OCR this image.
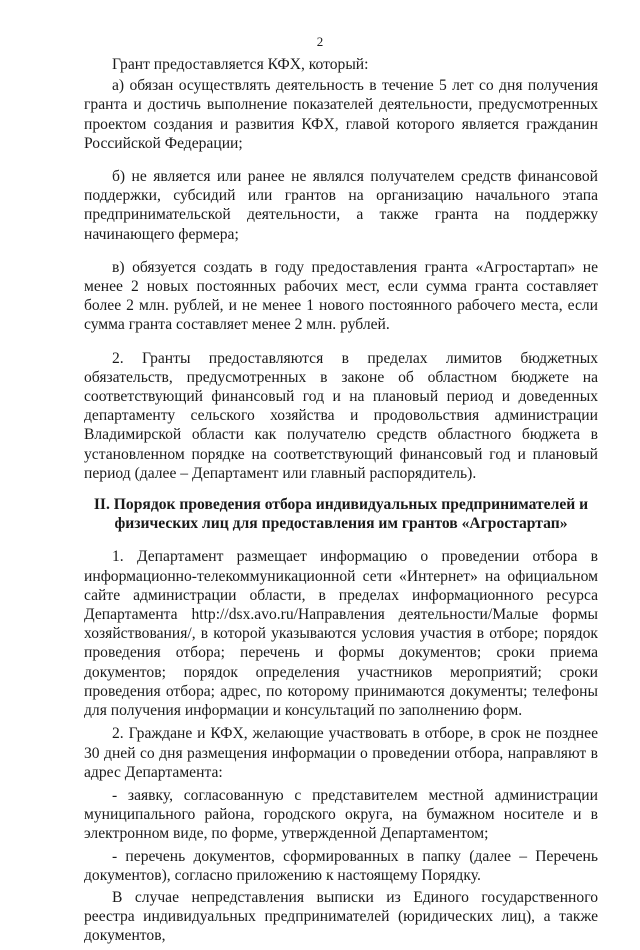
2

Грант предоставляется КФХ, который:

а) обязан осуществлять деятельность в течение 5 лет со дня получения гранта и достичь выполнение показателей деятельности, предусмотренных проектом создания и развития КФХ, главой которого является гражданин Российской Федерации;

б) не является или ранее не являлся получателем средств финансовой поддержки, субсидий или грантов на организацию начального этапа предпринимательской деятельности, а также гранта на поддержку начинающего фермера;

в) обязуется создать в году предоставления гранта «Агростартап» не менее 2 новых постоянных рабочих мест, если сумма гранта составляет более 2 млн. рублей, и не менее 1 нового постоянного рабочего места, если сумма гранта составляет менее 2 млн. рублей.

2. Гранты предоставляются в пределах лимитов бюджетных обязательств, предусмотренных в законе об областном бюджете на соответствующий финансовый год и на плановый период и доведенных департаменту сельского хозяйства и продовольствия администрации Владимирской области как получателю средств областного бюджета в установленном порядке на соответствующий финансовый год и плановый период (далее – Департамент или главный распорядитель).

II. Порядок проведения отбора индивидуальных предпринимателей и
физических лиц для предоставления им грантов «Агростартап»

1. Департамент размещает информацию о проведении отбора в информационно-телекоммуникационной сети «Интернет» на официальном сайте администрации области, в пределах информационного ресурса Департамента http://dsx.avo.ru/Направления деятельности/Малые формы хозяйствования/, в которой указываются условия участия в отборе; порядок проведения отбора; перечень и формы документов; сроки приема документов; порядок определения участников мероприятий; сроки проведения отбора; адрес, по которому принимаются документы; телефоны для получения информации и консультаций по заполнению форм.

2. Граждане и КФХ, желающие участвовать в отборе, в срок не позднее 30 дней со дня размещения информации о проведении отбора, направляют в адрес Департамента:

- заявку, согласованную с представителем местной администрации муниципального района, городского округа, на бумажном носителе и в электронном виде, по форме, утвержденной Департаментом;

- перечень документов, сформированных в папку (далее – Перечень документов), согласно приложению к настоящему Порядку.

В случае непредставления выписки из Единого государственного реестра индивидуальных предпринимателей (юридических лиц), а также документов,
